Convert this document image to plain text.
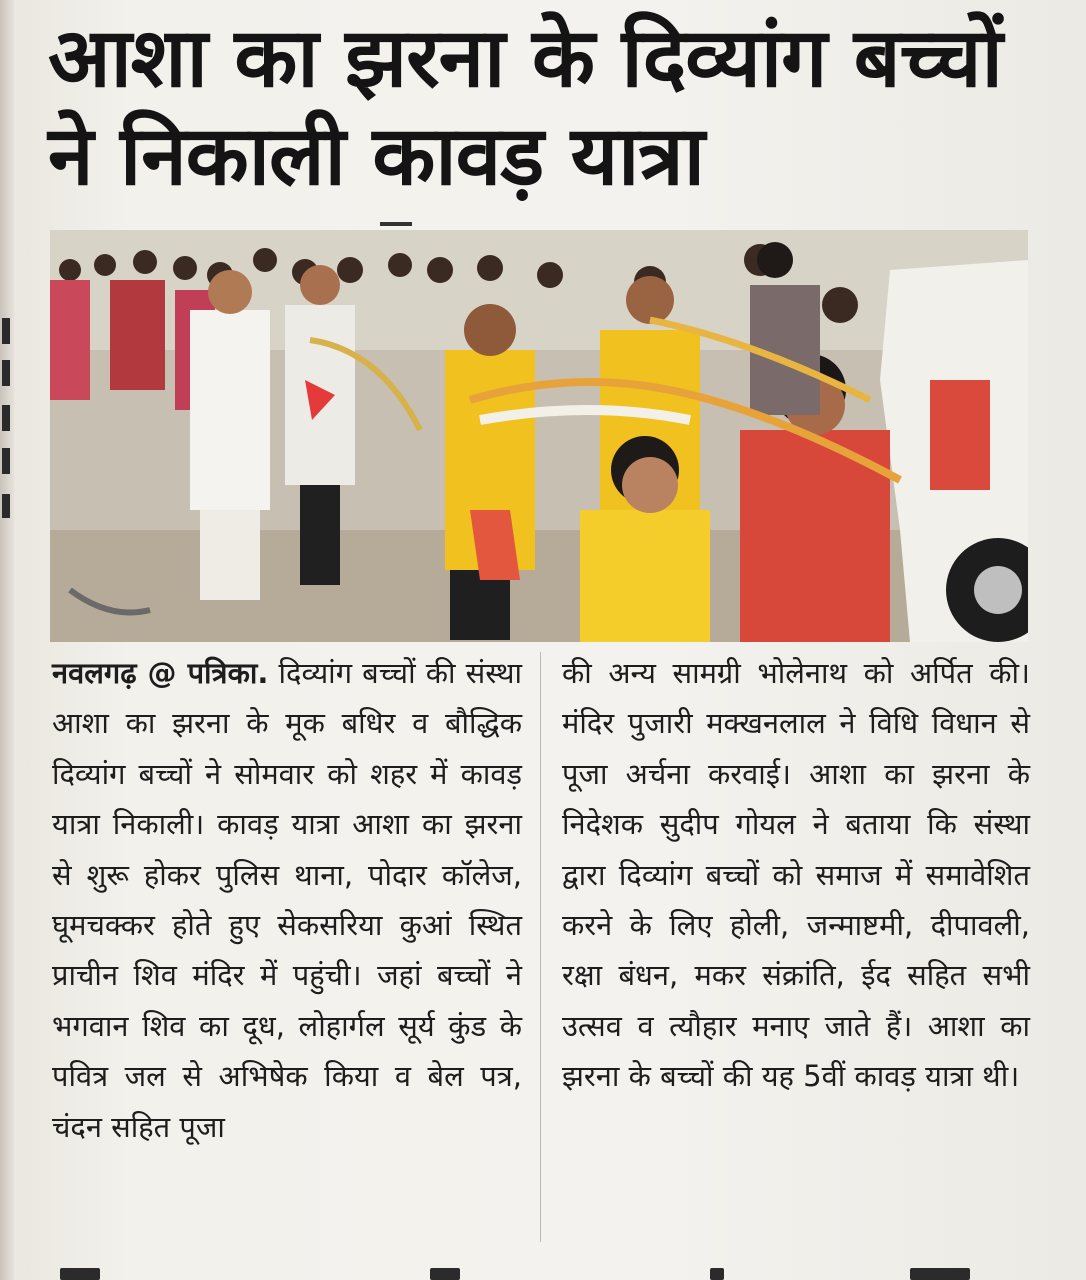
आशा का झरना के दिव्यांग बच्चों
ने निकाली कावड़ यात्रा
नवलगढ़ @ पत्रिका. दिव्यांग बच्चों की संस्था आशा का झरना के मूक बधिर व बौद्धिक दिव्यांग बच्चों ने सोमवार को शहर में कावड़ यात्रा निकाली। कावड़ यात्रा आशा का झरना से शुरू होकर पुलिस थाना, पोदार कॉलेज, घूमचक्कर होते हुए सेकसरिया कुआं स्थित प्राचीन शिव मंदिर में पहुंची। जहां बच्चों ने भगवान शिव का दूध, लोहार्गल सूर्य कुंड के पवित्र जल से अभिषेक किया व बेल पत्र, चंदन सहित पूजा
की अन्य सामग्री भोलेनाथ को अर्पित की। मंदिर पुजारी मक्खनलाल ने विधि विधान से पूजा अर्चना करवाई। आशा का झरना के निदेशक सुदीप गोयल ने बताया कि संस्था द्वारा दिव्यांग बच्चों को समाज में समावेशित करने के लिए होली, जन्माष्टमी, दीपावली, रक्षा बंधन, मकर संक्रांति, ईद सहित सभी उत्सव व त्यौहार मनाए जाते हैं। आशा का झरना के बच्चों की यह 5वीं कावड़ यात्रा थी।
